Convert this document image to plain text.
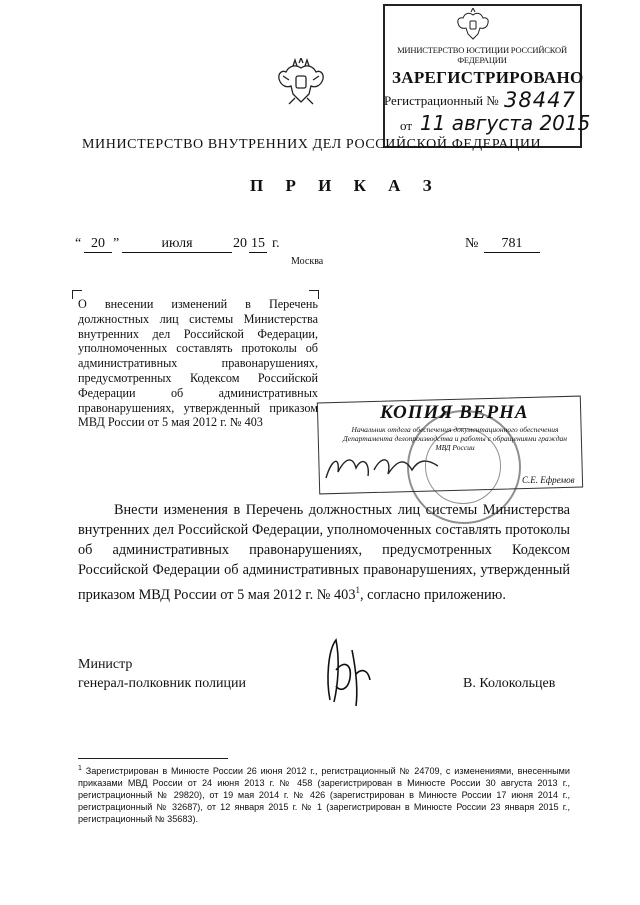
МИНИСТЕРСТВО ЮСТИЦИИ РОССИЙСКОЙ ФЕДЕРАЦИИ
ЗАРЕГИСТРИРОВАНО
Регистрационный № 38447
от 11 августа 2015
МИНИСТЕРСТВО ВНУТРЕННИХ ДЕЛ РОССИЙСКОЙ ФЕДЕРАЦИИ
П Р И К А З
“ 20 ”	июля	20 15 г.	№	781
Москва
О внесении изменений в Перечень должностных лиц системы Министерства внутренних дел Российской Федерации, уполномоченных составлять протоколы об административных правонарушениях, предусмотренных Кодексом Российской Федерации об административных правонарушениях, утвержденный приказом МВД России от 5 мая 2012 г. № 403	КОПИЯ ВЕРНА
Начальник отдела обеспечения документационного обеспечения Департамента делопроизводства и работы с обращениями граждан МВД России
С.Е. Ефремов
Внести изменения в Перечень должностных лиц системы Министерства внутренних дел Российской Федерации, уполномоченных составлять протоколы об административных правонарушениях, предусмотренных Кодексом Российской Федерации об административных правонарушениях, утвержденный приказом МВД России от 5 мая 2012 г. № $403^1$, согласно приложению.
Министр
генерал-полковник полиции	В. Колокольцев
$^1$ Зарегистрирован в Минюсте России 26 июня 2012 г., регистрационный № 24709, с изменениями, внесенными приказами МВД России от 24 июня 2013 г. № 458 (зарегистрирован в Минюсте России 30 августа 2013 г., регистрационный № 29820), от 19 мая 2014 г. № 426 (зарегистрирован в Минюсте России 17 июня 2014 г., регистрационный № 32687), от 12 января 2015 г. № 1 (зарегистрирован в Минюсте России 23 января 2015 г., регистрационный № 35683).
